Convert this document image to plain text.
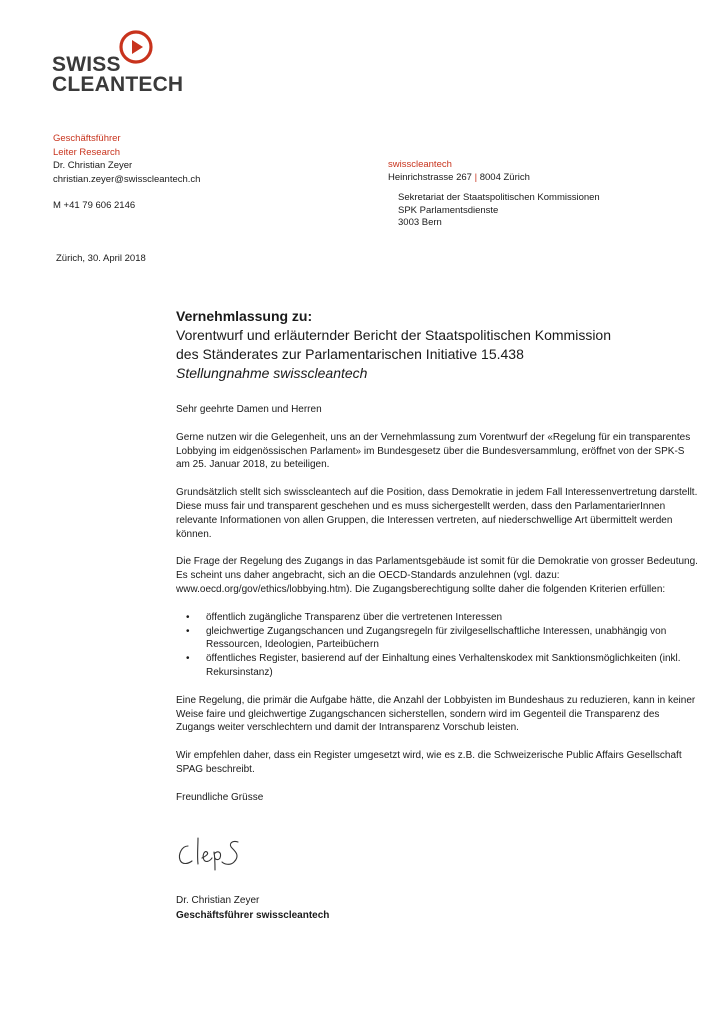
SWISS
CLEANTECH
Geschäftsführer
Leiter Research
Dr. Christian Zeyer
christian.zeyer@swisscleantech.ch
M +41 79 606 2146
swisscleantech
Heinrichstrasse 267 | 8004 Zürich
Sekretariat der Staatspolitischen Kommissionen
SPK Parlamentsdienste
3003 Bern
Zürich, 30. April 2018
Vernehmlassung zu:
Vorentwurf und erläuternder Bericht der Staatspolitischen Kommission
des Ständerates zur Parlamentarischen Initiative 15.438
Stellungnahme swisscleantech

Sehr geehrte Damen und Herren

Gerne nutzen wir die Gelegenheit, uns an der Vernehmlassung zum Vorentwurf der «Regelung für ein transparentes Lobbying im eidgenössischen Parlament» im Bundesgesetz über die Bundesversammlung, eröffnet von der SPK-S am 25. Januar 2018, zu beteiligen.

Grundsätzlich stellt sich swisscleantech auf die Position, dass Demokratie in jedem Fall Interessenvertretung darstellt. Diese muss fair und transparent geschehen und es muss sichergestellt werden, dass den ParlamentarierInnen relevante Informationen von allen Gruppen, die Interessen vertreten, auf niederschwellige Art übermittelt werden können.

Die Frage der Regelung des Zugangs in das Parlamentsgebäude ist somit für die Demokratie von grosser Bedeutung. Es scheint uns daher angebracht, sich an die OECD-Standards anzulehnen (vgl. dazu: www.oecd.org/gov/ethics/lobbying.htm). Die Zugangsberechtigung sollte daher die folgenden Kriterien erfüllen:

• öffentlich zugängliche Transparenz über die vertretenen Interessen
• gleichwertige Zugangschancen und Zugangsregeln für zivilgesellschaftliche Interessen, unabhängig von Ressourcen, Ideologien, Parteibüchern
• öffentliches Register, basierend auf der Einhaltung eines Verhaltenskodex mit Sanktionsmöglichkeiten (inkl. Rekursinstanz)

Eine Regelung, die primär die Aufgabe hätte, die Anzahl der Lobbyisten im Bundeshaus zu reduzieren, kann in keiner Weise faire und gleichwertige Zugangschancen sicherstellen, sondern wird im Gegenteil die Transparenz des Zugangs weiter verschlechtern und damit der Intransparenz Vorschub leisten.

Wir empfehlen daher, dass ein Register umgesetzt wird, wie es z.B. die Schweizerische Public Affairs Gesellschaft SPAG beschreibt.

Freundliche Grüsse

Dr. Christian Zeyer
Geschäftsführer swisscleantech
